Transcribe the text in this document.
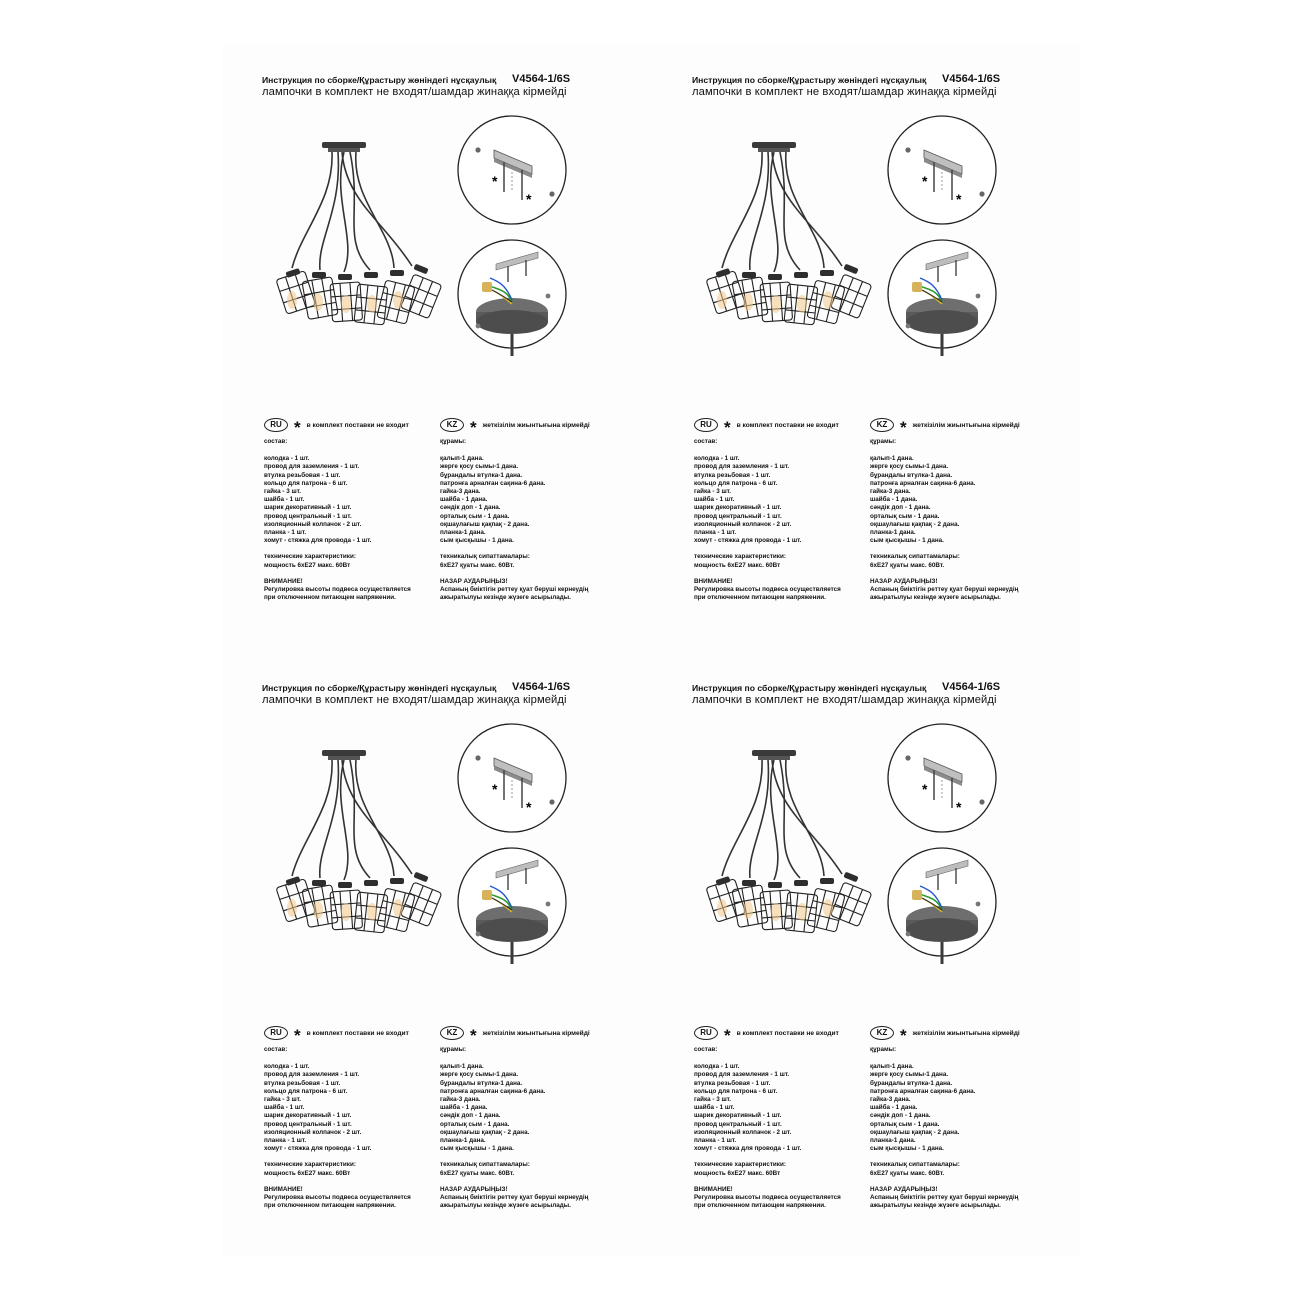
Инструкция по сборке/Құрастыру жөніндегі нұсқаулық V4564-1/6S
лампочки в комплект не входят/шамдар жинаққа кірмейді
*
*
RU * в комплект поставки не входит	KZ * жеткізілім жиынтығына кірмейді
состав:
колодка - 1 шт.
провод для заземления - 1 шт.
втулка резьбовая - 1 шт.
кольцо для патрона - 6 шт.
гайка - 3 шт.
шайба - 1 шт.
шарик декоративный - 1 шт.
провод центральный - 1 шт.
изоляционный колпачок - 2 шт.
планка - 1 шт.
хомут - стяжка для провода - 1 шт.
технические характеристики:
мощность 6хЕ27 макс. 60Вт
ВНИМАНИЕ!
Регулировка высоты подвеса осуществляется
при отключенном питающем напряжении.
құрамы:
қалып-1 дана.
жерге қосу сымы-1 дана.
бұрандалы втулка-1 дана.
патронға арналған сақина-6 дана.
гайка-3 дана.
шайба - 1 дана.
сәндік доп - 1 дана.
орталық сым - 1 дана.
оқшаулағыш қақпақ - 2 дана.
планка-1 дана.
сым қысқышы - 1 дана.
техникалық сипаттамалары:
6хЕ27 қуаты макс. 60Вт.
НАЗАР АУДАРЫҢЫЗ!
Аспаның биіктігін реттеу қуат беруші кернеудің
ажыратылуы кезінде жүзеге асырылады.
Инструкция по сборке/Құрастыру жөніндегі нұсқаулық V4564-1/6S
лампочки в комплект не входят/шамдар жинаққа кірмейді
*
*
RU * в комплект поставки не входит	KZ * жеткізілім жиынтығына кірмейді
состав:
колодка - 1 шт.
провод для заземления - 1 шт.
втулка резьбовая - 1 шт.
кольцо для патрона - 6 шт.
гайка - 3 шт.
шайба - 1 шт.
шарик декоративный - 1 шт.
провод центральный - 1 шт.
изоляционный колпачок - 2 шт.
планка - 1 шт.
хомут - стяжка для провода - 1 шт.
технические характеристики:
мощность 6хЕ27 макс. 60Вт
ВНИМАНИЕ!
Регулировка высоты подвеса осуществляется
при отключенном питающем напряжении.
құрамы:
қалып-1 дана.
жерге қосу сымы-1 дана.
бұрандалы втулка-1 дана.
патронға арналған сақина-6 дана.
гайка-3 дана.
шайба - 1 дана.
сәндік доп - 1 дана.
орталық сым - 1 дана.
оқшаулағыш қақпақ - 2 дана.
планка-1 дана.
сым қысқышы - 1 дана.
техникалық сипаттамалары:
6хЕ27 қуаты макс. 60Вт.
НАЗАР АУДАРЫҢЫЗ!
Аспаның биіктігін реттеу қуат беруші кернеудің
ажыратылуы кезінде жүзеге асырылады.
Инструкция по сборке/Құрастыру жөніндегі нұсқаулық V4564-1/6S
лампочки в комплект не входят/шамдар жинаққа кірмейді
*
*
RU * в комплект поставки не входит	KZ * жеткізілім жиынтығына кірмейді
состав:
колодка - 1 шт.
провод для заземления - 1 шт.
втулка резьбовая - 1 шт.
кольцо для патрона - 6 шт.
гайка - 3 шт.
шайба - 1 шт.
шарик декоративный - 1 шт.
провод центральный - 1 шт.
изоляционный колпачок - 2 шт.
планка - 1 шт.
хомут - стяжка для провода - 1 шт.
технические характеристики:
мощность 6хЕ27 макс. 60Вт
ВНИМАНИЕ!
Регулировка высоты подвеса осуществляется
при отключенном питающем напряжении.
құрамы:
қалып-1 дана.
жерге қосу сымы-1 дана.
бұрандалы втулка-1 дана.
патронға арналған сақина-6 дана.
гайка-3 дана.
шайба - 1 дана.
сәндік доп - 1 дана.
орталық сым - 1 дана.
оқшаулағыш қақпақ - 2 дана.
планка-1 дана.
сым қысқышы - 1 дана.
техникалық сипаттамалары:
6хЕ27 қуаты макс. 60Вт.
НАЗАР АУДАРЫҢЫЗ!
Аспаның биіктігін реттеу қуат беруші кернеудің
ажыратылуы кезінде жүзеге асырылады.
Инструкция по сборке/Құрастыру жөніндегі нұсқаулық V4564-1/6S
лампочки в комплект не входят/шамдар жинаққа кірмейді
*
*
RU * в комплект поставки не входит	KZ * жеткізілім жиынтығына кірмейді
состав:
колодка - 1 шт.
провод для заземления - 1 шт.
втулка резьбовая - 1 шт.
кольцо для патрона - 6 шт.
гайка - 3 шт.
шайба - 1 шт.
шарик декоративный - 1 шт.
провод центральный - 1 шт.
изоляционный колпачок - 2 шт.
планка - 1 шт.
хомут - стяжка для провода - 1 шт.
технические характеристики:
мощность 6хЕ27 макс. 60Вт
ВНИМАНИЕ!
Регулировка высоты подвеса осуществляется
при отключенном питающем напряжении.
құрамы:
қалып-1 дана.
жерге қосу сымы-1 дана.
бұрандалы втулка-1 дана.
патронға арналған сақина-6 дана.
гайка-3 дана.
шайба - 1 дана.
сәндік доп - 1 дана.
орталық сым - 1 дана.
оқшаулағыш қақпақ - 2 дана.
планка-1 дана.
сым қысқышы - 1 дана.
техникалық сипаттамалары:
6хЕ27 қуаты макс. 60Вт.
НАЗАР АУДАРЫҢЫЗ!
Аспаның биіктігін реттеу қуат беруші кернеудің
ажыратылуы кезінде жүзеге асырылады.
